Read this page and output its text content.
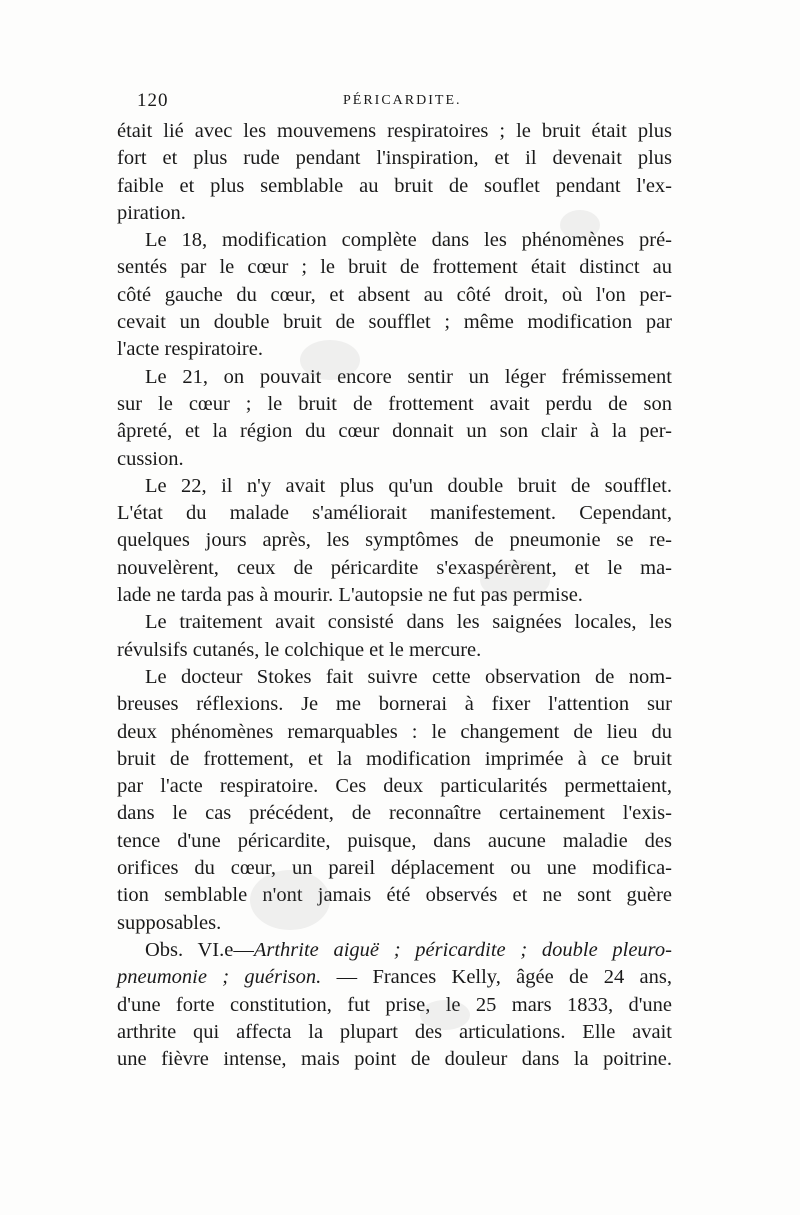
120	PÉRICARDITE.
était lié avec les mouvemens respiratoires ; le bruit était plus
fort et plus rude pendant l'inspiration, et il devenait plus
faible et plus semblable au bruit de souflet pendant l'ex-
piration.
Le 18, modification complète dans les phénomènes pré-
sentés par le cœur ; le bruit de frottement était distinct au
côté gauche du cœur, et absent au côté droit, où l'on per-
cevait un double bruit de soufflet ; même modification par
l'acte respiratoire.
Le 21, on pouvait encore sentir un léger frémissement
sur le cœur ; le bruit de frottement avait perdu de son
âpreté, et la région du cœur donnait un son clair à la per-
cussion.
Le 22, il n'y avait plus qu'un double bruit de soufflet.
L'état du malade s'améliorait manifestement. Cependant,
quelques jours après, les symptômes de pneumonie se re-
nouvelèrent, ceux de péricardite s'exaspérèrent, et le ma-
lade ne tarda pas à mourir. L'autopsie ne fut pas permise.
Le traitement avait consisté dans les saignées locales, les
révulsifs cutanés, le colchique et le mercure.
Le docteur Stokes fait suivre cette observation de nom-
breuses réflexions. Je me bornerai à fixer l'attention sur
deux phénomènes remarquables : le changement de lieu du
bruit de frottement, et la modification imprimée à ce bruit
par l'acte respiratoire. Ces deux particularités permettaient,
dans le cas précédent, de reconnaître certainement l'exis-
tence d'une péricardite, puisque, dans aucune maladie des
orifices du cœur, un pareil déplacement ou une modifica-
tion semblable n'ont jamais été observés et ne sont guère
supposables.
Obs. VI.e—Arthrite aiguë ; péricardite ; double pleuro-
pneumonie ; guérison. — Frances Kelly, âgée de 24 ans,
d'une forte constitution, fut prise, le 25 mars 1833, d'une
arthrite qui affecta la plupart des articulations. Elle avait
une fièvre intense, mais point de douleur dans la poitrine.
